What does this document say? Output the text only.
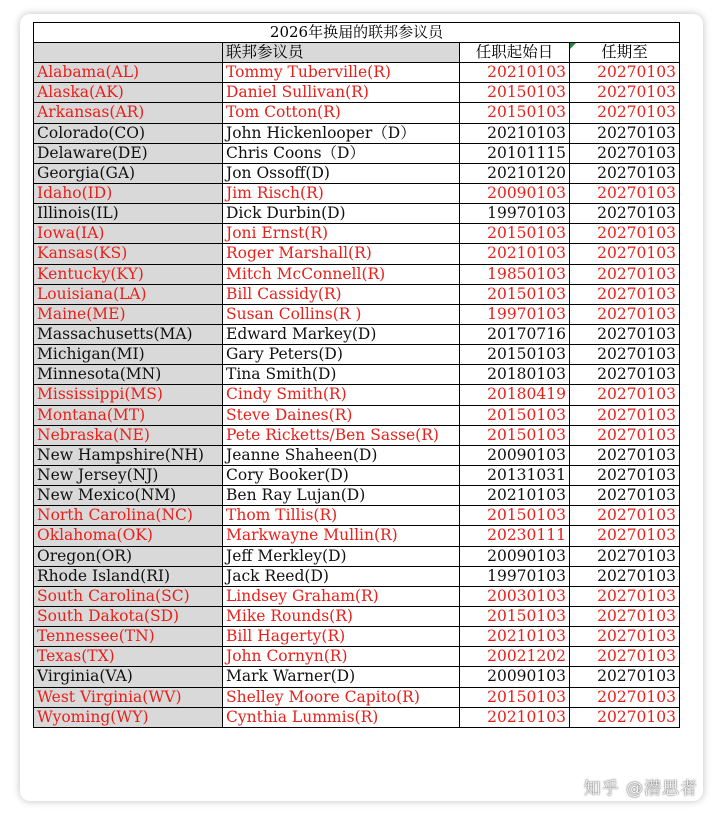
2026年换届的联邦参议员			
	联邦参议员	任职起始日	任期至
Alabama(AL)	Tommy Tuberville(R)	20210103	20270103
Alaska(AK)	Daniel Sullivan(R)	20150103	20270103
Arkansas(AR)	Tom Cotton(R)	20150103	20270103
Colorado(CO)	John Hickenlooper（D）	20210103	20270103
Delaware(DE)	Chris Coons（D）	20101115	20270103
Georgia(GA)	Jon Ossoff(D)	20210120	20270103
Idaho(ID)	Jim Risch(R)	20090103	20270103
Illinois(IL)	Dick Durbin(D)	19970103	20270103
Iowa(IA)	Joni Ernst(R)	20150103	20270103
Kansas(KS)	Roger Marshall(R)	20210103	20270103
Kentucky(KY)	Mitch McConnell(R)	19850103	20270103
Louisiana(LA)	Bill Cassidy(R)	20150103	20270103
Maine(ME)	Susan Collins(R )	19970103	20270103
Massachusetts(MA)	Edward Markey(D)	20170716	20270103
Michigan(MI)	Gary Peters(D)	20150103	20270103
Minnesota(MN)	Tina Smith(D)	20180103	20270103
Mississippi(MS)	Cindy Smith(R)	20180419	20270103
Montana(MT)	Steve Daines(R)	20150103	20270103
Nebraska(NE)	Pete Ricketts/Ben Sasse(R)	20150103	20270103
New Hampshire(NH)	Jeanne Shaheen(D)	20090103	20270103
New Jersey(NJ)	Cory Booker(D)	20131031	20270103
New Mexico(NM)	Ben Ray Lujan(D)	20210103	20270103
North Carolina(NC)	Thom Tillis(R)	20150103	20270103
Oklahoma(OK)	Markwayne Mullin(R)	20230111	20270103
Oregon(OR)	Jeff Merkley(D)	20090103	20270103
Rhode Island(RI)	Jack Reed(D)	19970103	20270103
South Carolina(SC)	Lindsey Graham(R)	20030103	20270103
South Dakota(SD)	Mike Rounds(R)	20150103	20270103
Tennessee(TN)	Bill Hagerty(R)	20210103	20270103
Texas(TX)	John Cornyn(R)	20021202	20270103
Virginia(VA)	Mark Warner(D)	20090103	20270103
West Virginia(WV)	Shelley Moore Capito(R)	20150103	20270103
Wyoming(WY)	Cynthia Lummis(R)	20210103	20270103
知乎 @潜思者
